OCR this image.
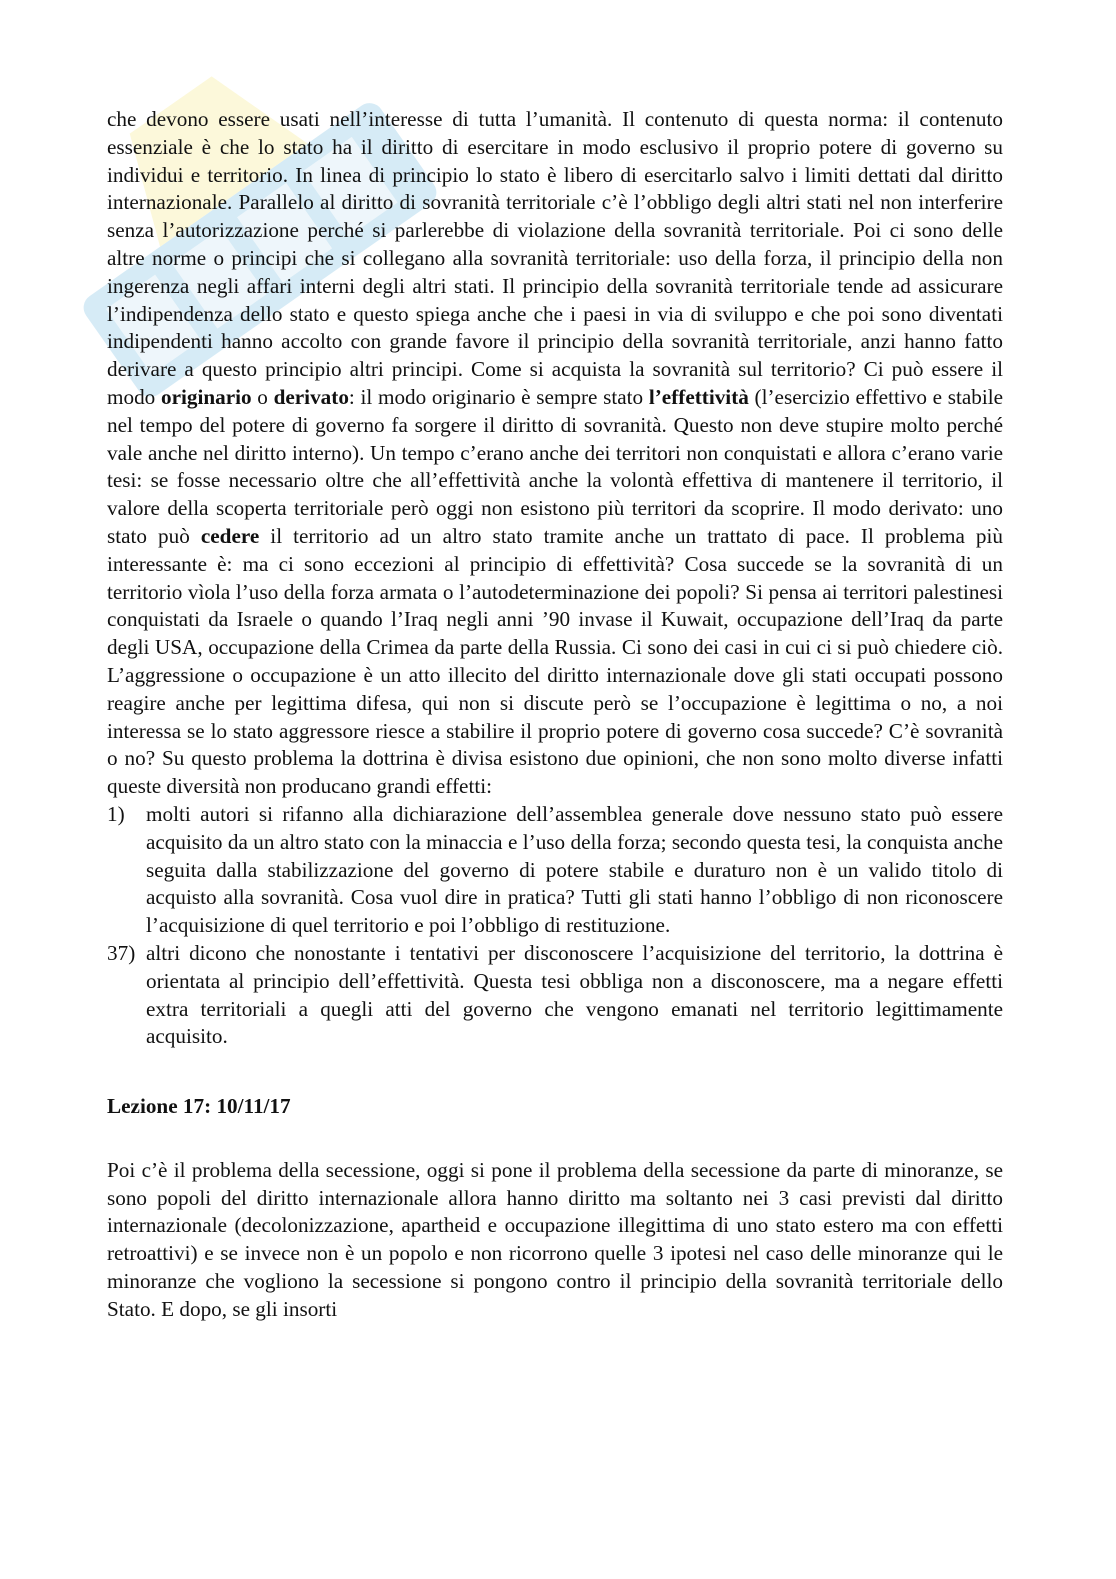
che devono essere usati nell’interesse di tutta l’umanità. Il contenuto di questa norma: il contenuto essenziale è che lo stato ha il diritto di esercitare in modo esclusivo il proprio potere di governo su individui e territorio. In linea di principio lo stato è libero di esercitarlo salvo i limiti dettati dal diritto internazionale. Parallelo al diritto di sovranità territoriale c’è l’obbligo degli altri stati nel non interferire senza l’autorizzazione perché si parlerebbe di violazione della sovranità territoriale. Poi ci sono delle altre norme o principi che si collegano alla sovranità territoriale: uso della forza, il principio della non ingerenza negli affari interni degli altri stati. Il principio della sovranità territoriale tende ad assicurare l’indipendenza dello stato e questo spiega anche che i paesi in via di sviluppo e che poi sono diventati indipendenti hanno accolto con grande favore il principio della sovranità territoriale, anzi hanno fatto derivare a questo principio altri principi. Come si acquista la sovranità sul territorio? Ci può essere il modo originario o derivato: il modo originario è sempre stato l’effettività (l’esercizio effettivo e stabile nel tempo del potere di governo fa sorgere il diritto di sovranità. Questo non deve stupire molto perché vale anche nel diritto interno). Un tempo c’erano anche dei territori non conquistati e allora c’erano varie tesi: se fosse necessario oltre che all’effettività anche la volontà effettiva di mantenere il territorio, il valore della scoperta territoriale però oggi non esistono più territori da scoprire. Il modo derivato: uno stato può cedere il territorio ad un altro stato tramite anche un trattato di pace. Il problema più interessante è: ma ci sono eccezioni al principio di effettività? Cosa succede se la sovranità di un territorio vìola l’uso della forza armata o l’autodeterminazione dei popoli? Si pensa ai territori palestinesi conquistati da Israele o quando l’Iraq negli anni ’90 invase il Kuwait, occupazione dell’Iraq da parte degli USA, occupazione della Crimea da parte della Russia. Ci sono dei casi in cui ci si può chiedere ciò. L’aggressione o occupazione è un atto illecito del diritto internazionale dove gli stati occupati possono reagire anche per legittima difesa, qui non si discute però se l’occupazione è legittima o no, a noi interessa se lo stato aggressore riesce a stabilire il proprio potere di governo cosa succede? C’è sovranità o no? Su questo problema la dottrina è divisa esistono due opinioni, che non sono molto diverse infatti queste diversità non producano grandi effetti:

1) molti autori si rifanno alla dichiarazione dell’assemblea generale dove nessuno stato può essere acquisito da un altro stato con la minaccia e l’uso della forza; secondo questa tesi, la conquista anche seguita dalla stabilizzazione del governo di potere stabile e duraturo non è un valido titolo di acquisto alla sovranità. Cosa vuol dire in pratica? Tutti gli stati hanno l’obbligo di non riconoscere l’acquisizione di quel territorio e poi l’obbligo di restituzione.
37) altri dicono che nonostante i tentativi per disconoscere l’acquisizione del territorio, la dottrina è orientata al principio dell’effettività. Questa tesi obbliga non a disconoscere, ma a negare effetti extra territoriali a quegli atti del governo che vengono emanati nel territorio legittimamente acquisito.
Lezione 17: 10/11/17

Poi c’è il problema della secessione, oggi si pone il problema della secessione da parte di minoranze, se sono popoli del diritto internazionale allora hanno diritto ma soltanto nei 3 casi previsti dal diritto internazionale (decolonizzazione, apartheid e occupazione illegittima di uno stato estero ma con effetti retroattivi) e se invece non è un popolo e non ricorrono quelle 3 ipotesi nel caso delle minoranze qui le minoranze che vogliono la secessione si pongono contro il principio della sovranità territoriale dello Stato. E dopo, se gli insorti
